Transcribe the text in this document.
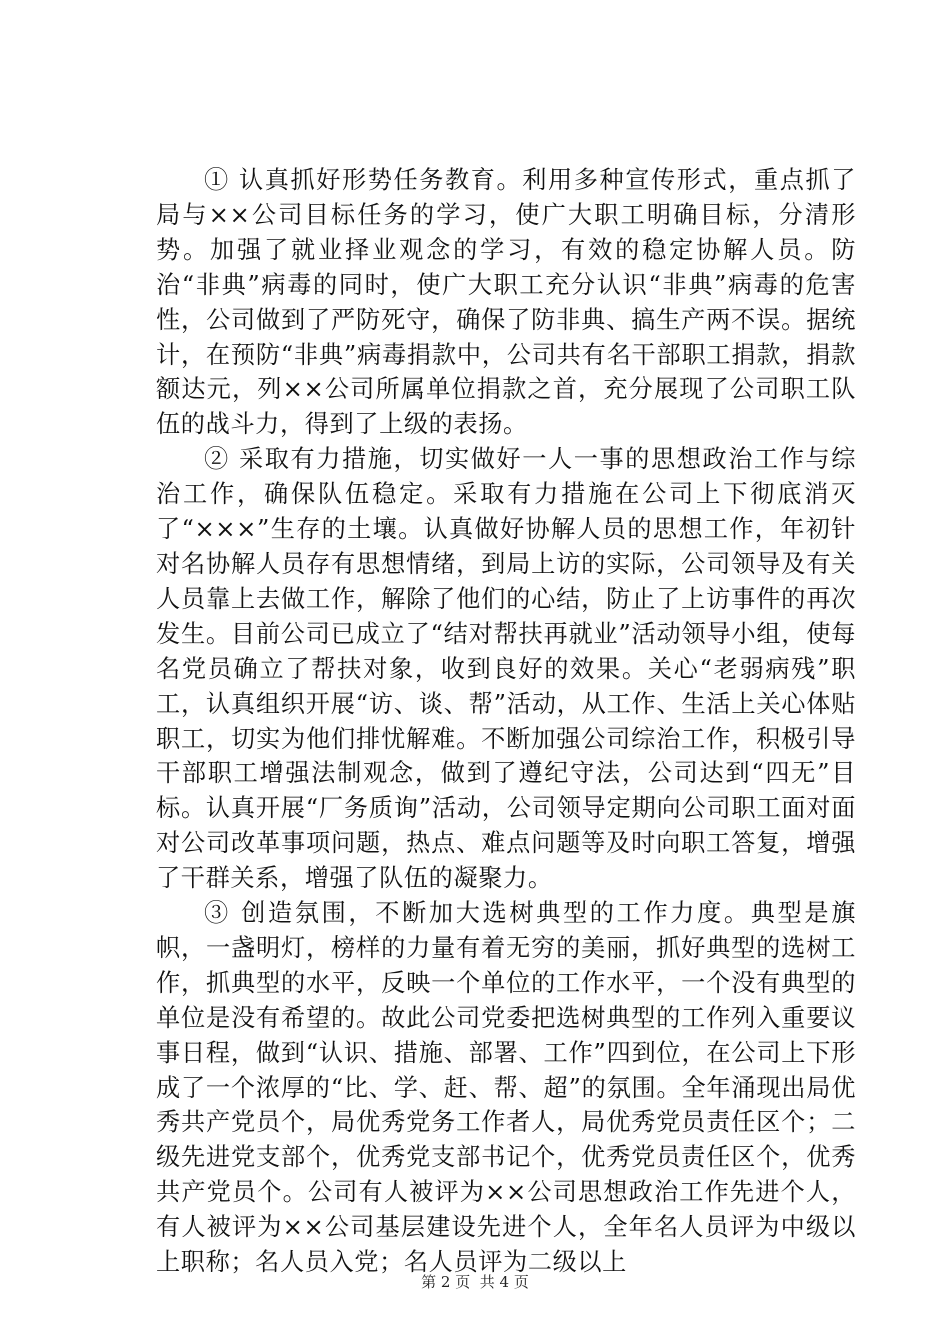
① 认真抓好形势任务教育。利用多种宣传形式，重点抓了局与××公司目标任务的学习，使广大职工明确目标，分清形势。加强了就业择业观念的学习，有效的稳定协解人员。防治“非典”病毒的同时，使广大职工充分认识“非典”病毒的危害性，公司做到了严防死守，确保了防非典、搞生产两不误。据统计，在预防“非典”病毒捐款中，公司共有名干部职工捐款，捐款额达元，列××公司所属单位捐款之首，充分展现了公司职工队伍的战斗力，得到了上级的表扬。

② 采取有力措施，切实做好一人一事的思想政治工作与综治工作，确保队伍稳定。采取有力措施在公司上下彻底消灭了“×××”生存的土壤。认真做好协解人员的思想工作，年初针对名协解人员存有思想情绪，到局上访的实际，公司领导及有关人员靠上去做工作，解除了他们的心结，防止了上访事件的再次发生。目前公司已成立了“结对帮扶再就业”活动领导小组，使每名党员确立了帮扶对象，收到良好的效果。关心“老弱病残”职工，认真组织开展“访、谈、帮”活动，从工作、生活上关心体贴职工，切实为他们排忧解难。不断加强公司综治工作，积极引导干部职工增强法制观念，做到了遵纪守法，公司达到“四无”目标。认真开展“厂务质询”活动，公司领导定期向公司职工面对面对公司改革事项问题，热点、难点问题等及时向职工答复，增强了干群关系，增强了队伍的凝聚力。

③ 创造氛围，不断加大选树典型的工作力度。典型是旗帜，一盏明灯，榜样的力量有着无穷的美丽，抓好典型的选树工作，抓典型的水平，反映一个单位的工作水平，一个没有典型的单位是没有希望的。故此公司党委把选树典型的工作列入重要议事日程，做到“认识、措施、部署、工作”四到位，在公司上下形成了一个浓厚的“比、学、赶、帮、超”的氛围。全年涌现出局优秀共产党员个，局优秀党务工作者人，局优秀党员责任区个；二级先进党支部个，优秀党支部书记个，优秀党员责任区个，优秀共产党员个。公司有人被评为××公司思想政治工作先进个人，有人被评为××公司基层建设先进个人，全年名人员评为中级以上职称；名人员入党；名人员评为二级以上

第 2 页 共 4 页
